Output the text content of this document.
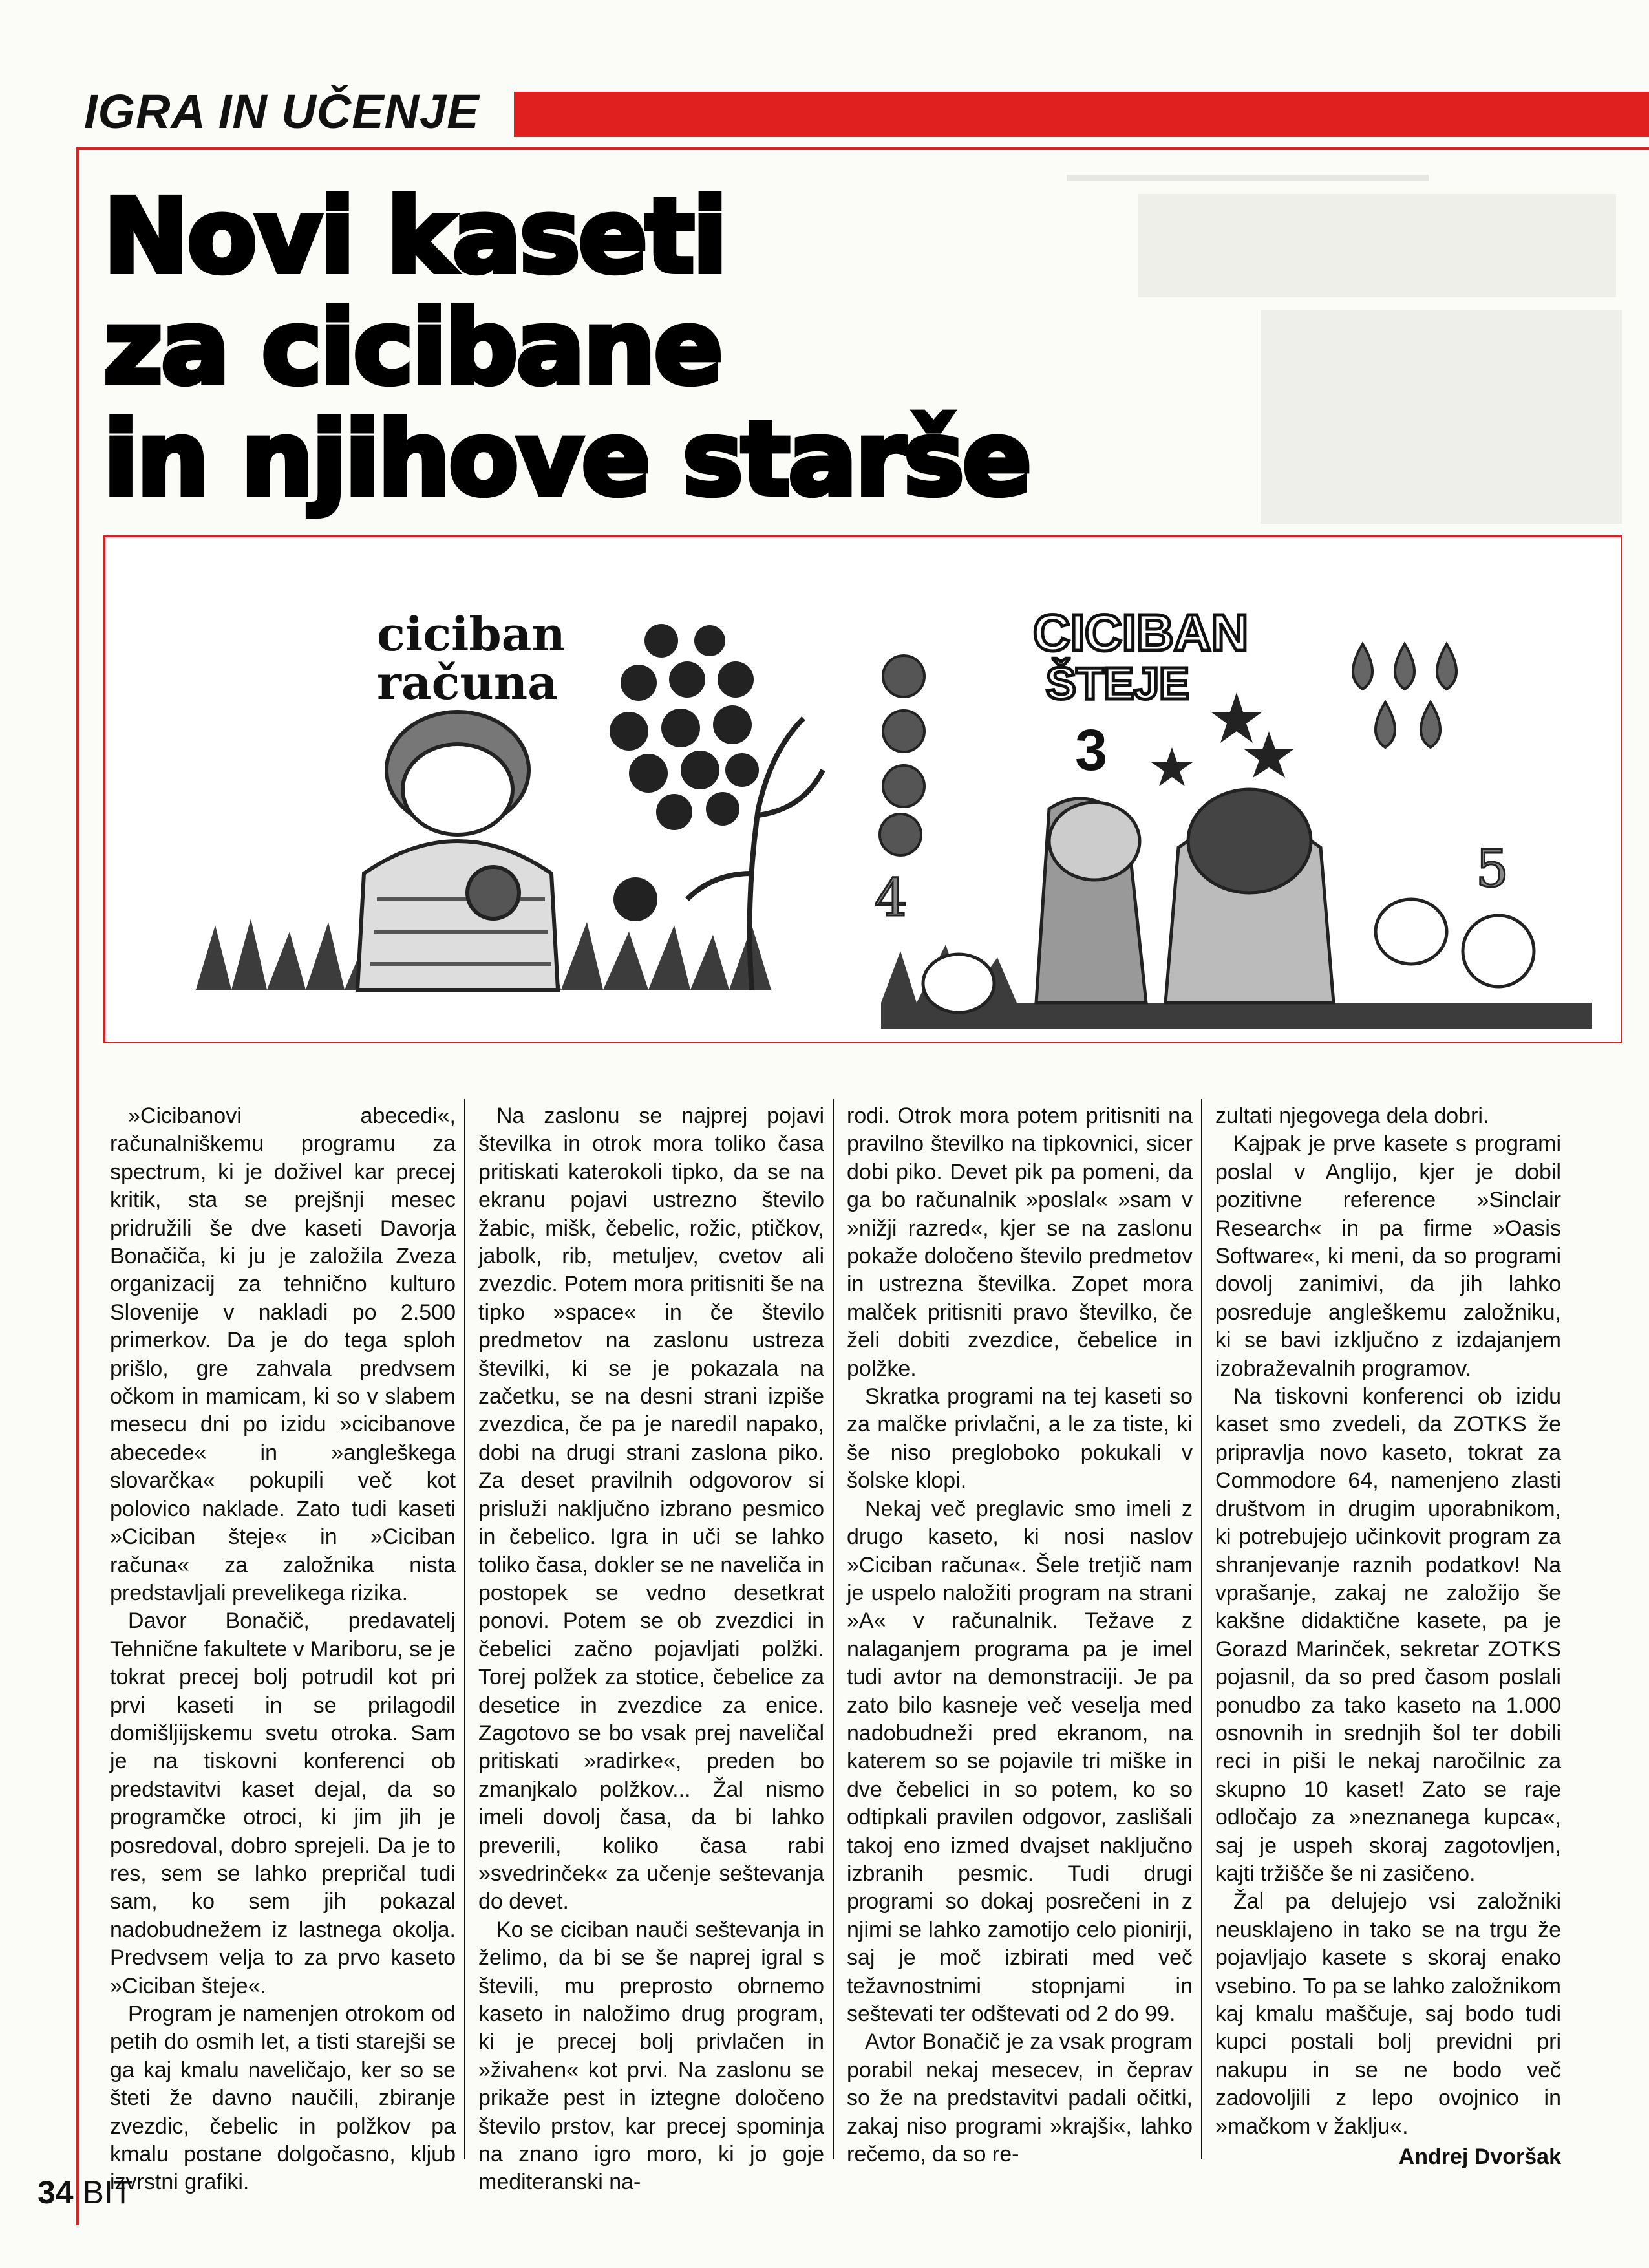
IGRA IN UČENJE
Novi kaseti
za cicibane
in njihove starše
ciciban
računa
CICIBAN
ŠTEJE
3
4	5

»Cicibanovi abecedi«, računalniškemu programu za spectrum, ki je doživel kar precej kritik, sta se prejšnji mesec pridružili še dve kaseti Davorja Bonačiča, ki ju je založila Zveza organizacij za tehnično kulturo Slovenije v nakladi po 2.500 primerkov. Da je do tega sploh prišlo, gre zahvala predvsem očkom in mamicam, ki so v slabem mesecu dni po izidu »cicibanove abecede« in »angleškega slovarčka« pokupili več kot polovico naklade. Zato tudi kaseti »Ciciban šteje« in »Ciciban računa« za založnika nista predstavljali prevelikega rizika.

Davor Bonačič, predavatelj Tehnične fakultete v Mariboru, se je tokrat precej bolj potrudil kot pri prvi kaseti in se prilagodil domišljijskemu svetu otroka. Sam je na tiskovni konferenci ob predstavitvi kaset dejal, da so programčke otroci, ki jim jih je posredoval, dobro sprejeli. Da je to res, sem se lahko prepričal tudi sam, ko sem jih pokazal nadobudnežem iz lastnega okolja. Predvsem velja to za prvo kaseto »Ciciban šteje«.

Program je namenjen otrokom od petih do osmih let, a tisti starejši se ga kaj kmalu naveličajo, ker so se šteti že davno naučili, zbiranje zvezdic, čebelic in polžkov pa kmalu postane dolgočasno, kljub izvrstni grafiki.

Na zaslonu se najprej pojavi številka in otrok mora toliko časa pritiskati katerokoli tipko, da se na ekranu pojavi ustrezno število žabic, mišk, čebelic, rožic, ptičkov, jabolk, rib, metuljev, cvetov ali zvezdic. Potem mora pritisniti še na tipko »space« in če število predmetov na zaslonu ustreza številki, ki se je pokazala na začetku, se na desni strani izpiše zvezdica, če pa je naredil napako, dobi na drugi strani zaslona piko. Za deset pravilnih odgovorov si prisluži naključno izbrano pesmico in čebelico. Igra in uči se lahko toliko časa, dokler se ne naveliča in postopek se vedno desetkrat ponovi. Potem se ob zvezdici in čebelici začno pojavljati polžki. Torej polžek za stotice, čebelice za desetice in zvezdice za enice. Zagotovo se bo vsak prej naveličal pritiskati »radirke«, preden bo zmanjkalo polžkov... Žal nismo imeli dovolj časa, da bi lahko preverili, koliko časa rabi »svedrinček« za učenje seštevanja do devet.

Ko se ciciban nauči seštevanja in želimo, da bi se še naprej igral s števili, mu preprosto obrnemo kaseto in naložimo drug program, ki je precej bolj privlačen in »živahen« kot prvi. Na zaslonu se prikaže pest in iztegne določeno število prstov, kar precej spominja na znano igro moro, ki jo goje mediteranski na-

rodi. Otrok mora potem pritisniti na pravilno številko na tipkovnici, sicer dobi piko. Devet pik pa pomeni, da ga bo računalnik »poslal« »sam v »nižji razred«, kjer se na zaslonu pokaže določeno število predmetov in ustrezna številka. Zopet mora malček pritisniti pravo številko, če želi dobiti zvezdice, čebelice in polžke.

Skratka programi na tej kaseti so za malčke privlačni, a le za tiste, ki še niso pregloboko pokukali v šolske klopi.

Nekaj več preglavic smo imeli z drugo kaseto, ki nosi naslov »Ciciban računa«. Šele tretjič nam je uspelo naložiti program na strani »A« v računalnik. Težave z nalaganjem programa pa je imel tudi avtor na demonstraciji. Je pa zato bilo kasneje več veselja med nadobudneži pred ekranom, na katerem so se pojavile tri miške in dve čebelici in so potem, ko so odtipkali pravilen odgovor, zaslišali takoj eno izmed dvajset naključno izbranih pesmic. Tudi drugi programi so dokaj posrečeni in z njimi se lahko zamotijo celo pionirji, saj je moč izbirati med več težavnostnimi stopnjami in seštevati ter odštevati od 2 do 99.

Avtor Bonačič je za vsak program porabil nekaj mesecev, in čeprav so že na predstavitvi padali očitki, zakaj niso programi »krajši«, lahko rečemo, da so re-

zultati njegovega dela dobri.

Kajpak je prve kasete s programi poslal v Anglijo, kjer je dobil pozitivne reference »Sinclair Research« in pa firme »Oasis Software«, ki meni, da so programi dovolj zanimivi, da jih lahko posreduje angleškemu založniku, ki se bavi izključno z izdajanjem izobraževalnih programov.

Na tiskovni konferenci ob izidu kaset smo zvedeli, da ZOTKS že pripravlja novo kaseto, tokrat za Commodore 64, namenjeno zlasti društvom in drugim uporabnikom, ki potrebujejo učinkovit program za shranjevanje raznih podatkov! Na vprašanje, zakaj ne založijo še kakšne didaktične kasete, pa je Gorazd Marinček, sekretar ZOTKS pojasnil, da so pred časom poslali ponudbo za tako kaseto na 1.000 osnovnih in srednjih šol ter dobili reci in piši le nekaj naročilnic za skupno 10 kaset! Zato se raje odločajo za »neznanega kupca«, saj je uspeh skoraj zagotovljen, kajti tržišče še ni zasičeno.

Žal pa delujejo vsi založniki neusklajeno in tako se na trgu že pojavljajo kasete s skoraj enako vsebino. To pa se lahko založnikom kaj kmalu maščuje, saj bodo tudi kupci postali bolj previdni pri nakupu in se ne bodo več zadovoljili z lepo ovojnico in »mačkom v žaklju«.

Andrej Dvoršak
34 BIT
